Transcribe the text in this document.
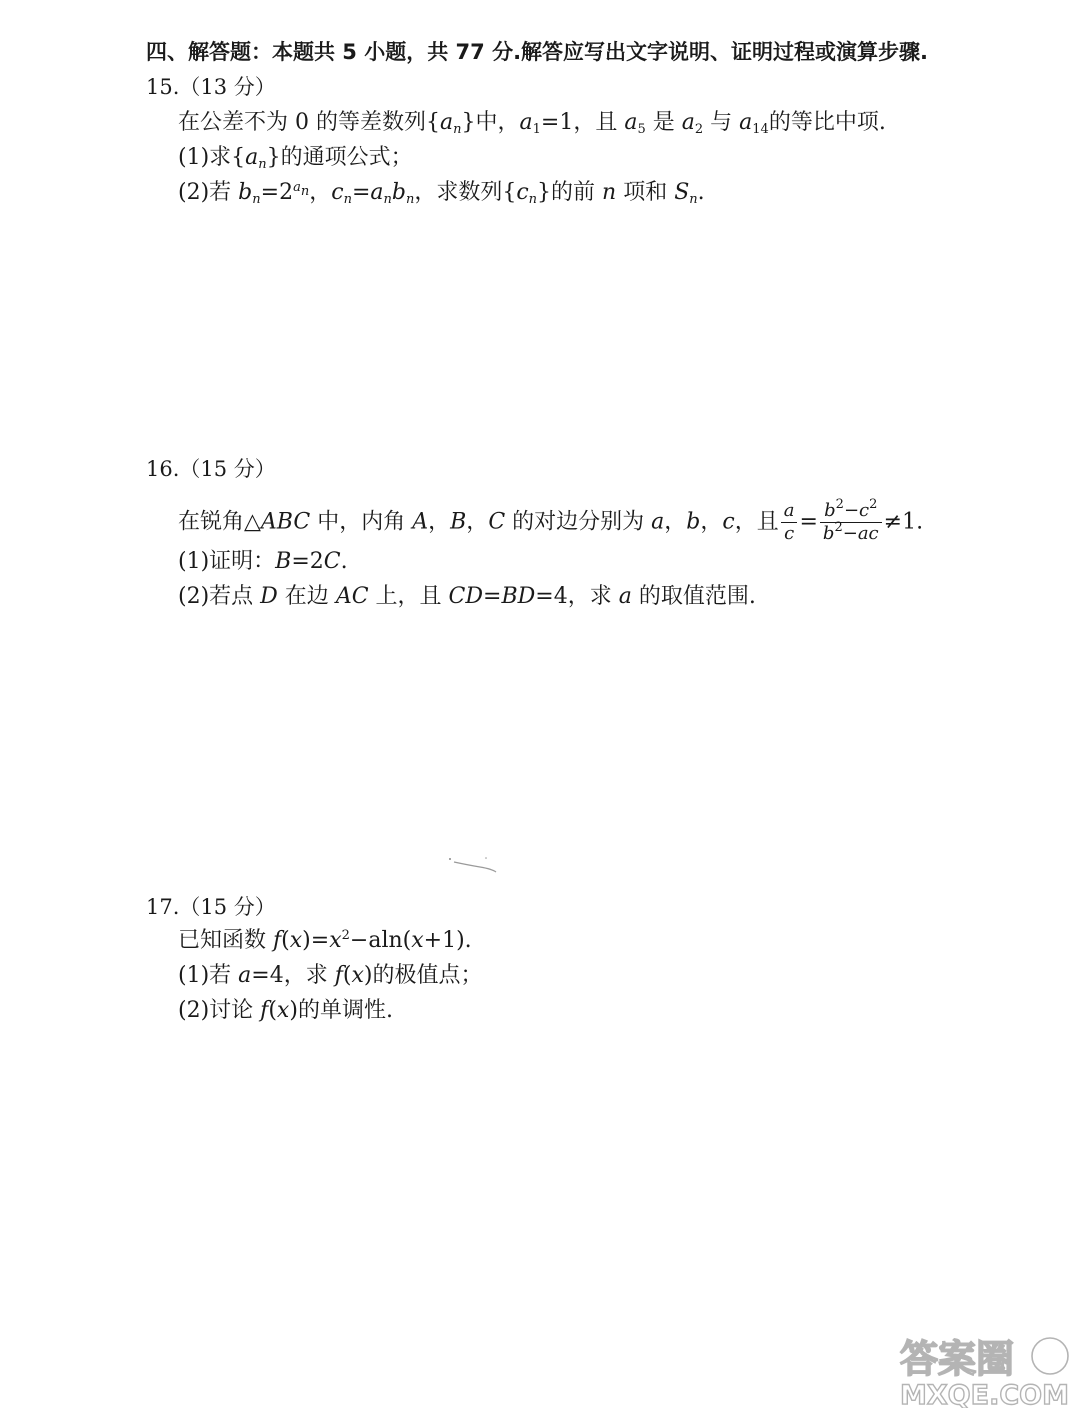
四、解答题：本题共 5 小题，共 77 分.解答应写出文字说明、证明过程或演算步骤.
15.（13 分）
在公差不为 0 的等差数列$\{a_n\}$中，$a_1=1$，且 $a_5$ 是 $a_2$ 与 $a_{14}$的等比中项.
(1)求$\{a_n\}$的通项公式；
(2)若 $b_n=2^{a_n}$，$c_n=a_nb_n$，求数列$\{c_n\}$的前 n 项和 $S_n$.
16.（15 分）
在锐角△ABC 中，内角 A，B，C 的对边分别为 a，b，c，且 $\frac{a}{c} = \frac{b^2-c^2}{b^2-ac} \ne 1$.
(1)证明：B=2C.
(2)若点 D 在边 AC 上，且 CD=BD=4，求 a 的取值范围.
17.（15 分）
已知函数 $f(x)=x^2-aln(x+1)$.
(1)若 a=4，求 f(x)的极值点；
(2)讨论 f(x)的单调性.
答案圈
MXQE.COM
